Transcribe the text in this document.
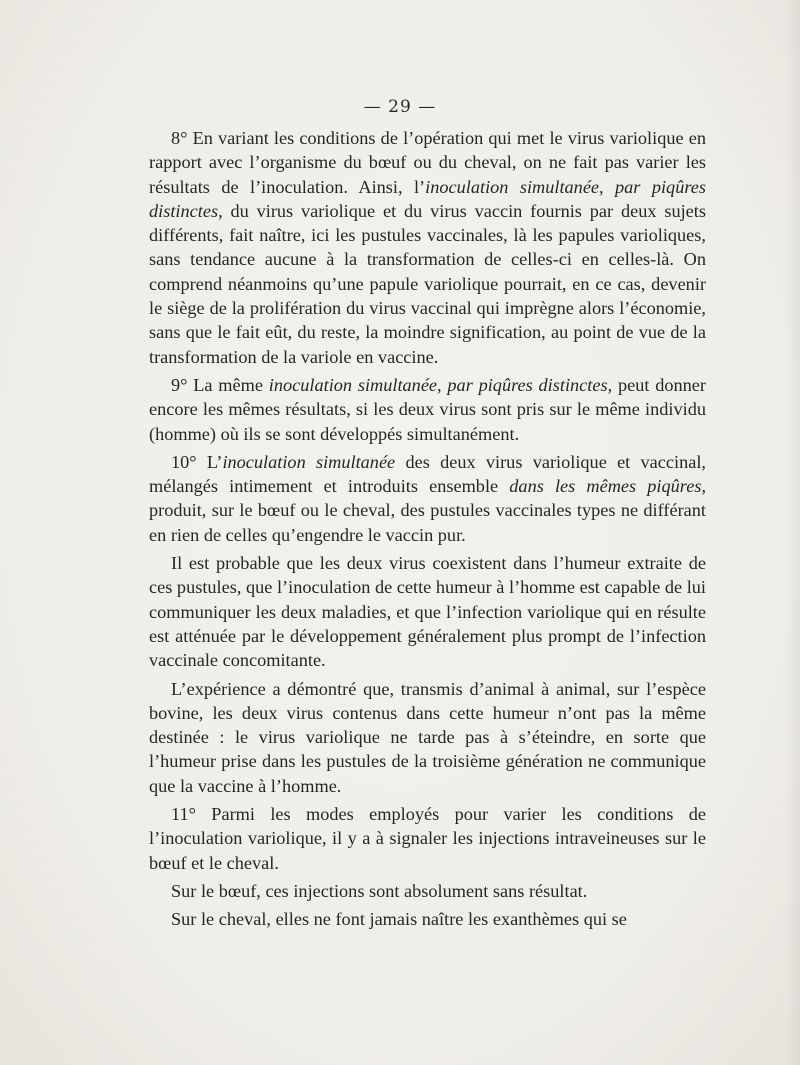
— 29 —

8° En variant les conditions de l’opération qui met le virus variolique en rapport avec l’organisme du bœuf ou du cheval, on ne fait pas varier les résultats de l’inoculation. Ainsi, l’inoculation simultanée, par piqûres distinctes, du virus variolique et du virus vaccin fournis par deux sujets différents, fait naître, ici les pustules vaccinales, là les papules varioliques, sans tendance aucune à la transformation de celles-ci en celles-là. On comprend néanmoins qu’une papule variolique pourrait, en ce cas, devenir le siège de la prolifération du virus vaccinal qui imprègne alors l’économie, sans que le fait eût, du reste, la moindre signification, au point de vue de la transformation de la variole en vaccine.

9° La même inoculation simultanée, par piqûres distinctes, peut donner encore les mêmes résultats, si les deux virus sont pris sur le même individu (homme) où ils se sont développés simultanément.

10° L’inoculation simultanée des deux virus variolique et vaccinal, mélangés intimement et introduits ensemble dans les mêmes piqûres, produit, sur le bœuf ou le cheval, des pustules vaccinales types ne différant en rien de celles qu’engendre le vaccin pur.

Il est probable que les deux virus coexistent dans l’humeur extraite de ces pustules, que l’inoculation de cette humeur à l’homme est capable de lui communiquer les deux maladies, et que l’infection variolique qui en résulte est atténuée par le développement généralement plus prompt de l’infection vaccinale concomitante.

L’expérience a démontré que, transmis d’animal à animal, sur l’espèce bovine, les deux virus contenus dans cette humeur n’ont pas la même destinée : le virus variolique ne tarde pas à s’éteindre, en sorte que l’humeur prise dans les pustules de la troisième génération ne communique que la vaccine à l’homme.

11° Parmi les modes employés pour varier les conditions de l’inoculation variolique, il y a à signaler les injections intraveineuses sur le bœuf et le cheval.

Sur le bœuf, ces injections sont absolument sans résultat.

Sur le cheval, elles ne font jamais naître les exanthèmes qui se
